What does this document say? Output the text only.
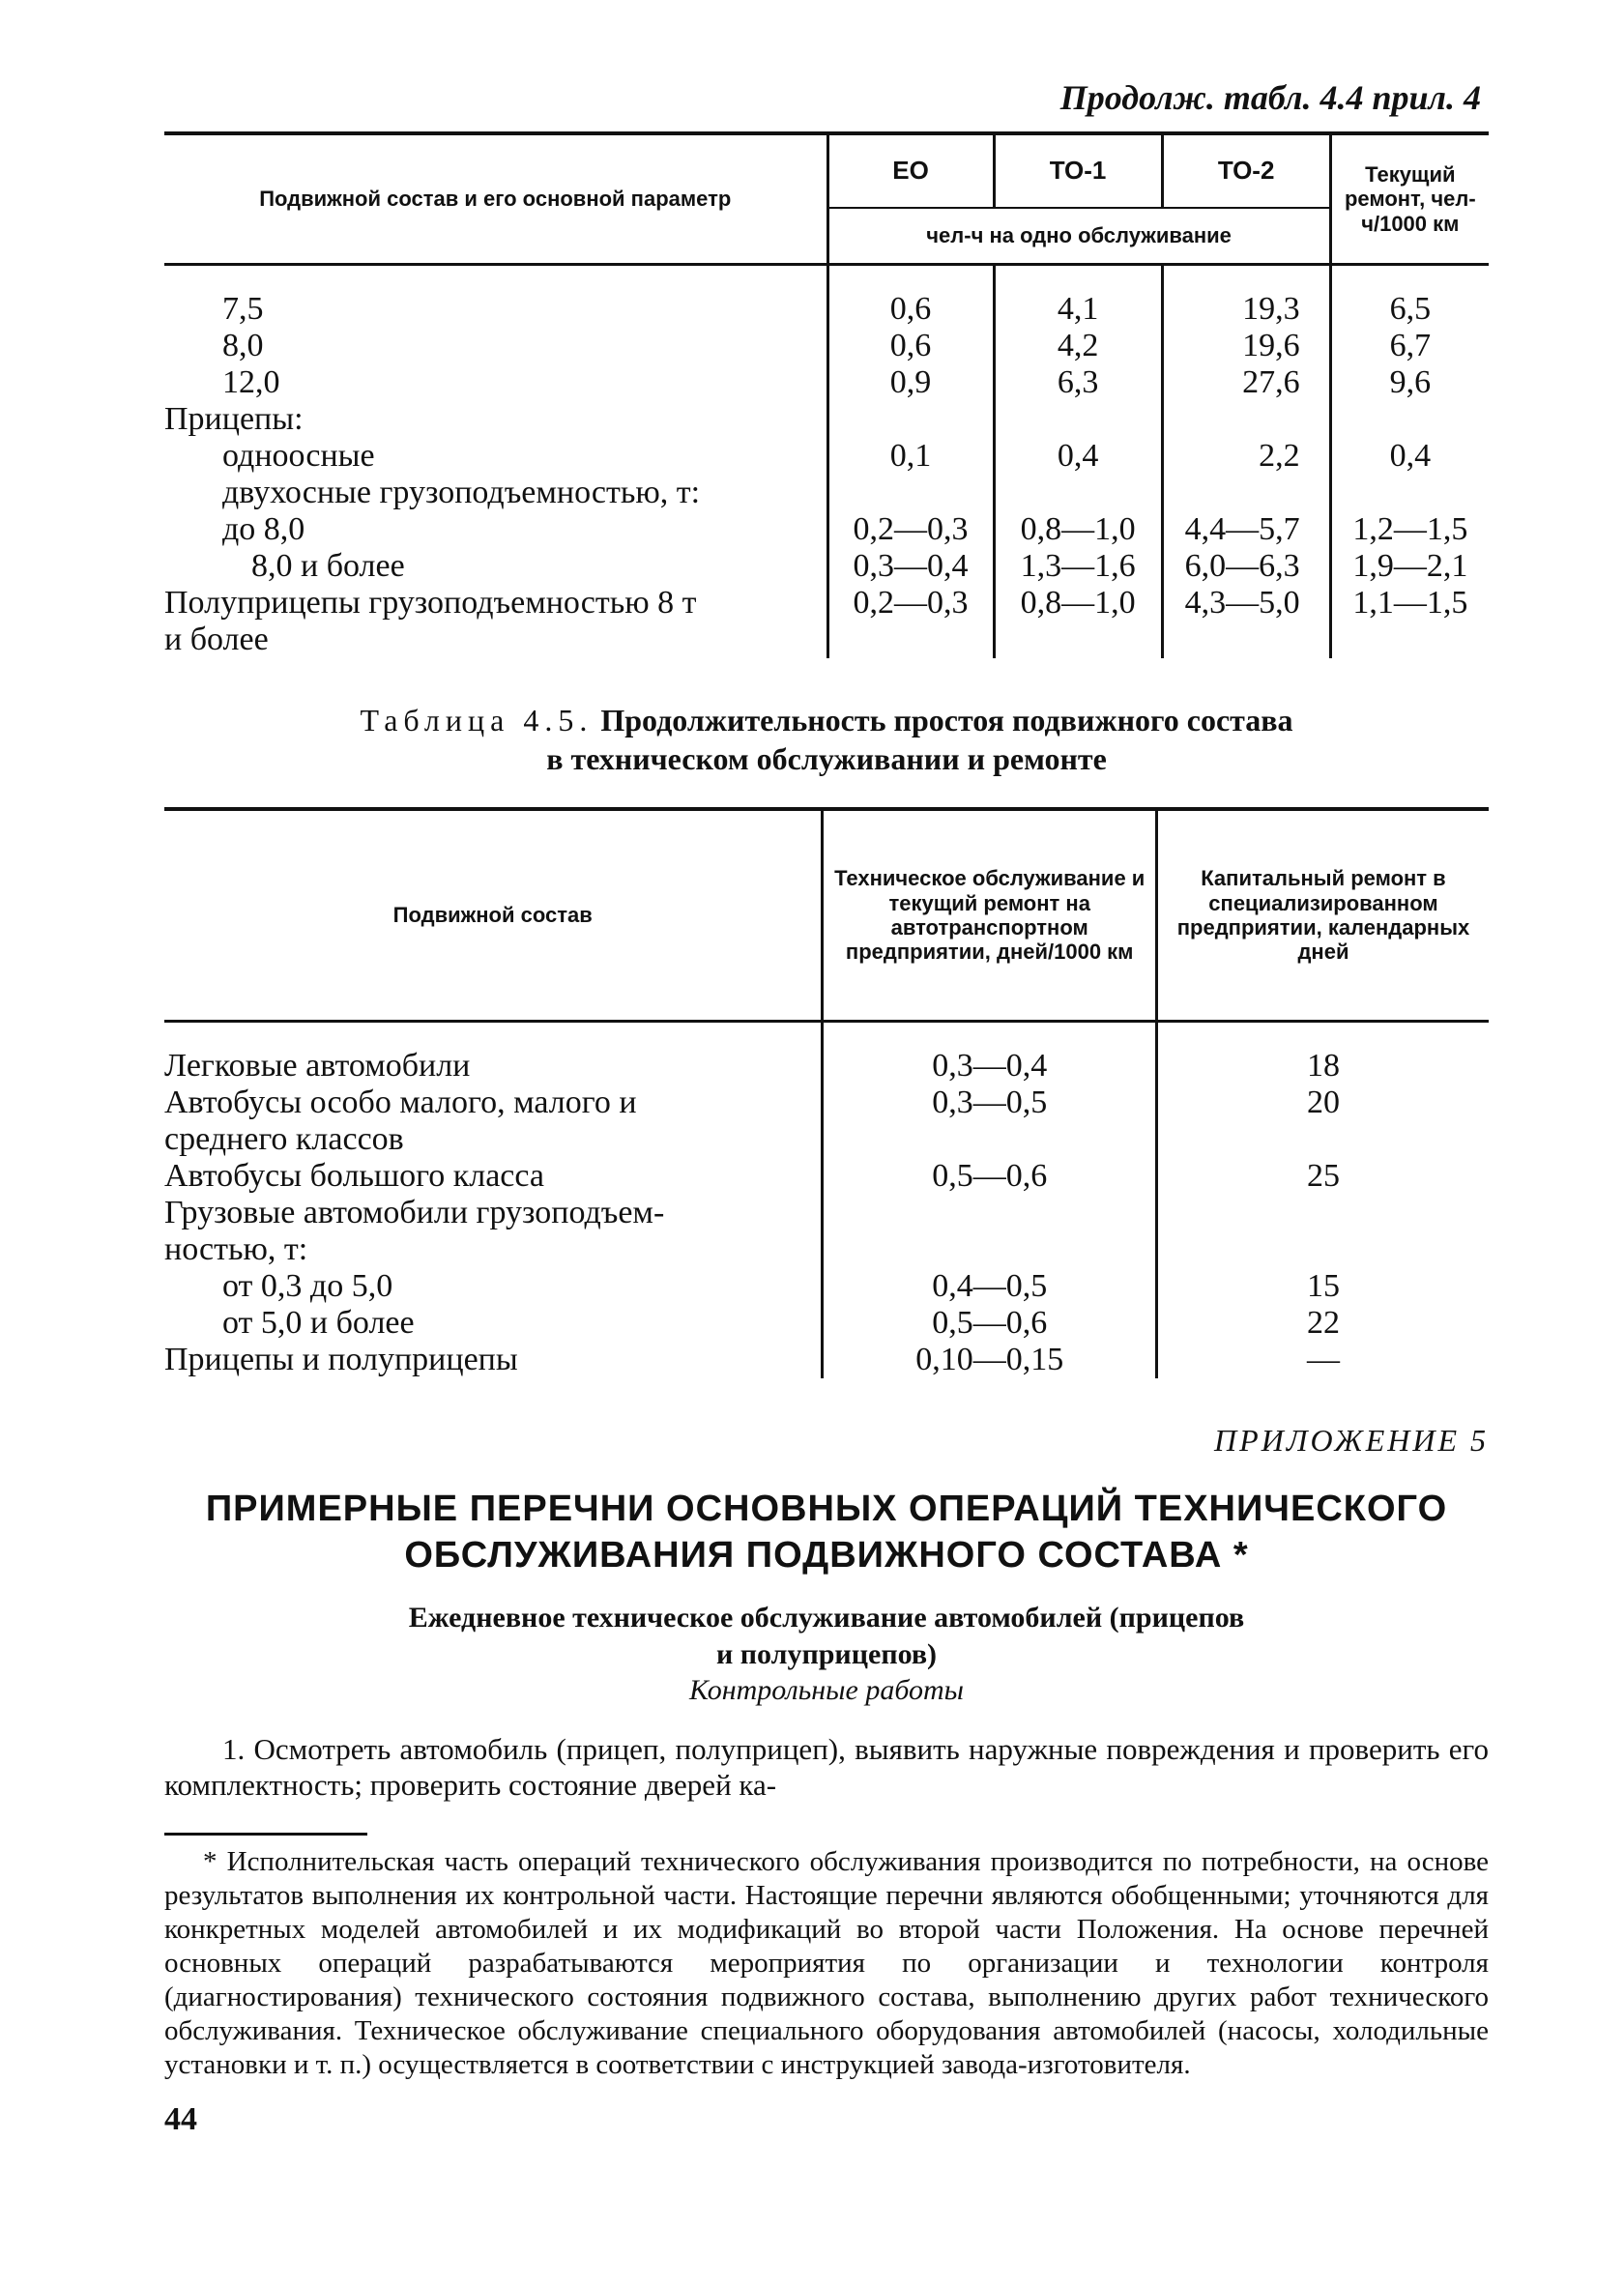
Продолж. табл. 4.4 прил. 4
Подвижной состав и его основной параметр	ЕО	ТО-1	ТО-2	Текущий ремонт, чел-ч/1000 км
	чел-ч на одно обслуживание			

7,5	0,6	4,1	19,3	6,5
8,0	0,6	4,2	19,6	6,7
12,0	0,9	6,3	27,6	9,6
Прицепы:				
одноосные	0,1	0,4	2,2	0,4
двухосные грузоподъемностью, т:				
до 8,0	0,2—0,3	0,8—1,0	4,4—5,7	1,2—1,5
8,0 и более	0,3—0,4	1,3—1,6	6,0—6,3	1,9—2,1
Полуприцепы грузоподъемностью 8 т	0,2—0,3	0,8—1,0	4,3—5,0	1,1—1,5
и более				
Таблица 4.5. Продолжительность простоя подвижного состава
в техническом обслуживании и ремонте
Подвижной состав	Техническое обслуживание и текущий ремонт на автотранспортном предприятии, дней/1000 км	Капитальный ремонт в специализированном предприятии, календарных дней

Легковые автомобили	0,3—0,4	18
Автобусы особо малого, малого и	0,3—0,5	20
среднего классов		
Автобусы большого класса	0,5—0,6	25
Грузовые автомобили грузоподъем-		
ностью, т:		
от 0,3 до 5,0	0,4—0,5	15
от 5,0 и более	0,5—0,6	22
Прицепы и полуприцепы	0,10—0,15	—
ПРИЛОЖЕНИЕ 5
ПРИМЕРНЫЕ ПЕРЕЧНИ ОСНОВНЫХ ОПЕРАЦИЙ ТЕХНИЧЕСКОГО
ОБСЛУЖИВАНИЯ ПОДВИЖНОГО СОСТАВА *
Ежедневное техническое обслуживание автомобилей (прицепов
и полуприцепов)
Контрольные работы

1. Осмотреть автомобиль (прицеп, полуприцеп), выявить наружные повреждения и проверить его комплектность; проверить состояние дверей ка-

* Исполнительская часть операций технического обслуживания производится по потребности, на основе результатов выполнения их контрольной части. Настоящие перечни являются обобщенными; уточняются для конкретных моделей автомобилей и их модификаций во второй части Положения. На основе перечней основных операций разрабатываются мероприятия по организации и технологии контроля (диагностирования) технического состояния подвижного состава, выполнению других работ технического обслуживания. Техническое обслуживание специального оборудования автомобилей (насосы, холодильные установки и т. п.) осуществляется в соответствии с инструкцией завода-изготовителя.

44
